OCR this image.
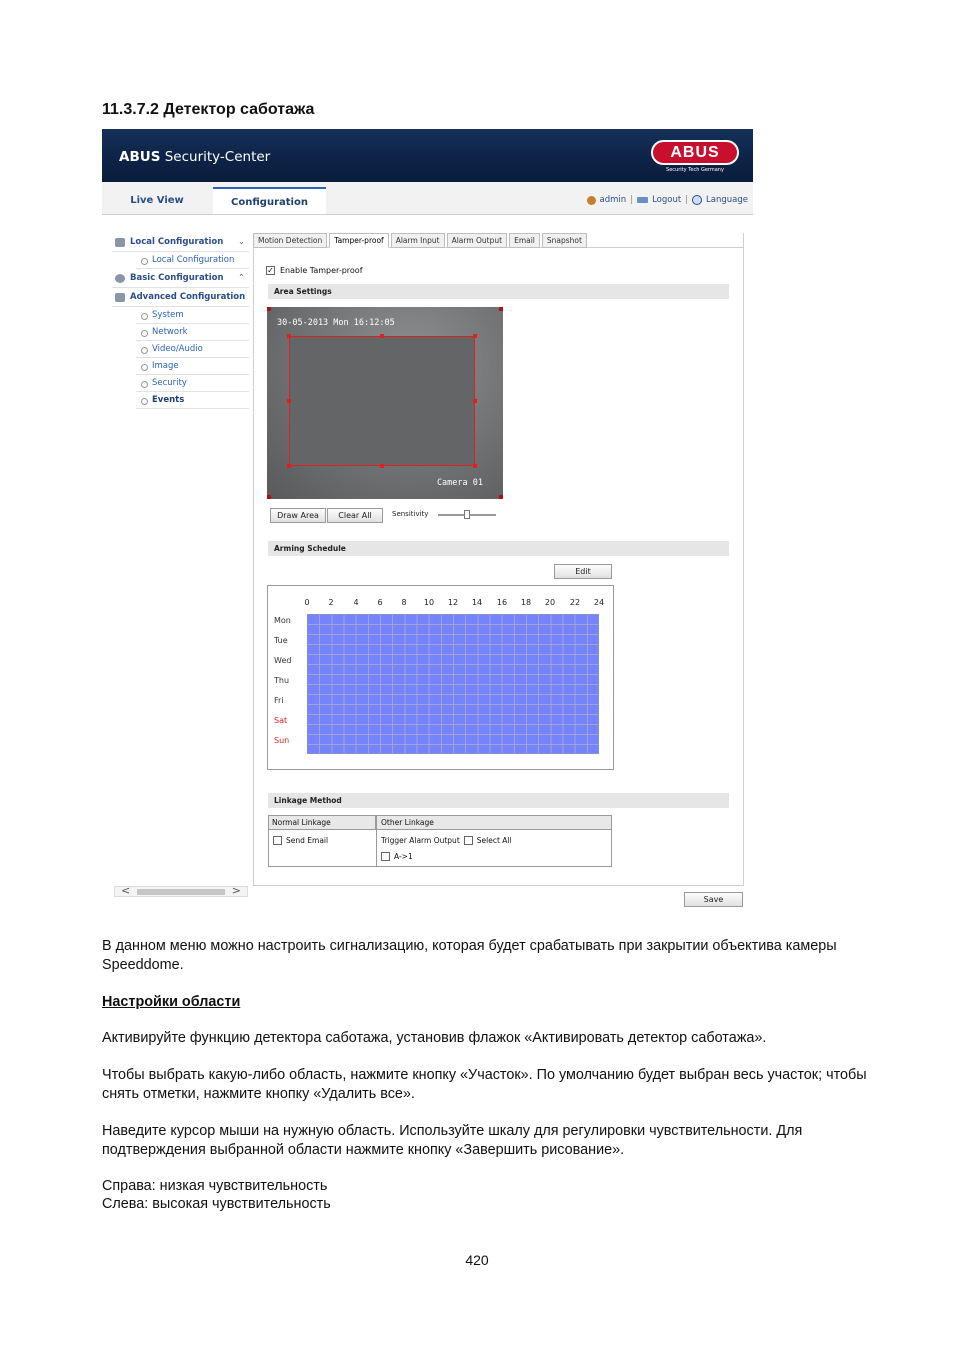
11.3.7.2 Детектор саботажа
ABUS Security-Center	ABUS
Security Tech Germany
Live View	Configuration	admin | Logout | Language
Local Configuration ⌄
Local Configuration
Basic Configuration ⌃
Advanced Configuration
System
Network
Video/Audio
Image
Security
Events
<	>
Motion Detection	Tamper-proof	Alarm Input	Alarm Output	Email	Snapshot
✓ Enable Tamper-proof
Area Settings
30-05-2013 Mon 16:12:05
Camera 01
Draw Area	Clear All	Sensitivity
Arming Schedule
Edit
0 2 4 6 8 10 12 14 16 18 20 22 24
Mon
Tue
Wed
Thu
Fri
Sat
Sun
Linkage Method
Normal Linkage	Other Linkage
Send Email	Trigger Alarm Output Select All
A->1
Save
В данном меню можно настроить сигнализацию, которая будет срабатывать при закрытии объектива камеры Speeddome.
Настройки области
Активируйте функцию детектора саботажа, установив флажок «Активировать детектор саботажа».
Чтобы выбрать какую-либо область, нажмите кнопку «Участок». По умолчанию будет выбран весь участок; чтобы снять отметки, нажмите кнопку «Удалить все».
Наведите курсор мыши на нужную область. Используйте шкалу для регулировки чувствительности. Для подтверждения выбранной области нажмите кнопку «Завершить рисование».
Справа: низкая чувствительность
Слева: высокая чувствительность
420
